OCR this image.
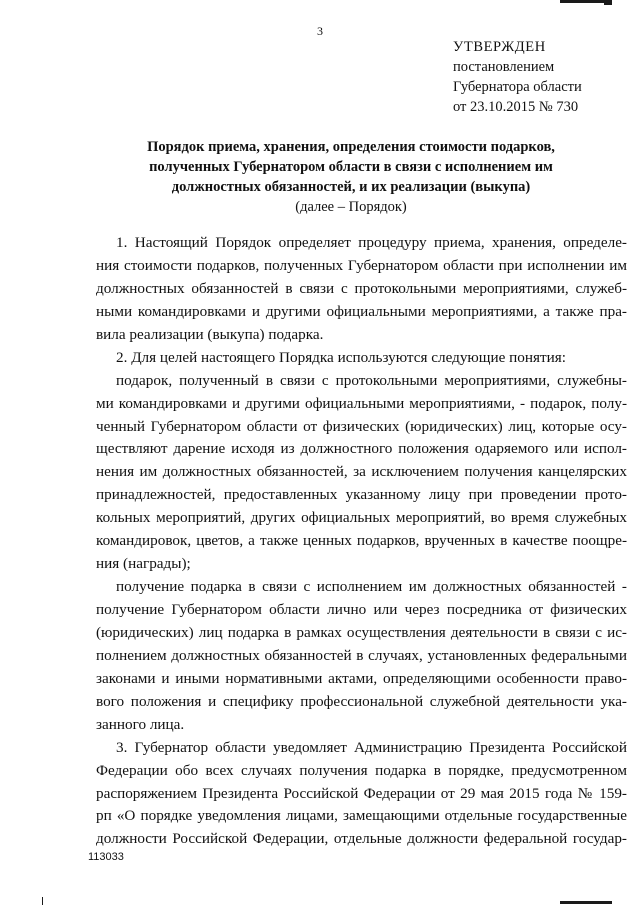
3
УТВЕРЖДЕН
постановлением
Губернатора области
от 23.10.2015 № 730
Порядок приема, хранения, определения стоимости подарков,
полученных Губернатором области в связи с исполнением им
должностных обязанностей, и их реализации (выкупа)
(далее – Порядок)
1. Настоящий Порядок определяет процедуру приема, хранения, определе-
ния стоимости подарков, полученных Губернатором области при исполнении им
должностных обязанностей в связи с протокольными мероприятиями, служеб-
ными командировками и другими официальными мероприятиями, а также пра-
вила реализации (выкупа) подарка.
2. Для целей настоящего Порядка используются следующие понятия:
подарок, полученный в связи с протокольными мероприятиями, служебны-
ми командировками и другими официальными мероприятиями, - подарок, полу-
ченный Губернатором области от физических (юридических) лиц, которые осу-
ществляют дарение исходя из должностного положения одаряемого или испол-
нения им должностных обязанностей, за исключением получения канцелярских
принадлежностей, предоставленных указанному лицу при проведении прото-
кольных мероприятий, других официальных мероприятий, во время служебных
командировок, цветов, а также ценных подарков, врученных в качестве поощре-
ния (награды);
получение подарка в связи с исполнением им должностных обязанностей -
получение Губернатором области лично или через посредника от физических
(юридических) лиц подарка в рамках осуществления деятельности в связи с ис-
полнением должностных обязанностей в случаях, установленных федеральными
законами и иными нормативными актами, определяющими особенности право-
вого положения и специфику профессиональной служебной деятельности ука-
занного лица.
3. Губернатор области уведомляет Администрацию Президента Российской
Федерации обо всех случаях получения подарка в порядке, предусмотренном
распоряжением Президента Российской Федерации от 29 мая 2015 года № 159-
рп «О порядке уведомления лицами, замещающими отдельные государственные
должности Российской Федерации, отдельные должности федеральной государ-
113033
